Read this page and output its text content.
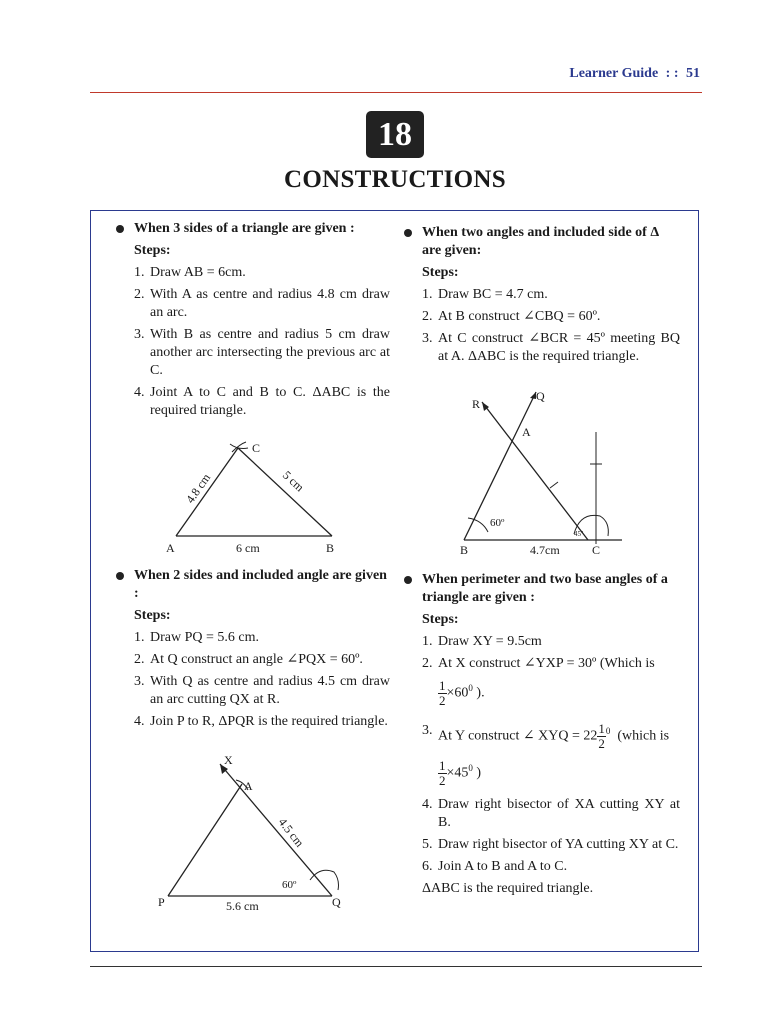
Learner Guide : : 51
18
CONSTRUCTIONS
When 3 sides of a triangle are given :
Steps:
1. Draw AB = 6cm.
2. With A as centre and radius 4.8 cm draw an arc.
3. With B as centre and radius 5 cm draw another arc intersecting the previous arc at C.
4. Joint A to C and B to C. ΔABC is the required triangle.
A	B
C
6 cm
4.8 cm	5 cm
When two angles and included side of Δ are given:
Steps:
1. Draw BC = 4.7 cm.
2. At B construct ∠CBQ = 60º.
3. At C construct ∠BCR = 45º meeting BQ at A. ΔABC is the required triangle.
R
Q
A
B	C
4.7cm
60º
45º
When 2 sides and included angle are given :
Steps:
1. Draw PQ = 5.6 cm.
2. At Q construct an angle ∠PQX = 60º.
3. With Q as centre and radius 4.5 cm draw an arc cutting QX at R.
4. Join P to R, ΔPQR is the required triangle.
X
A
P	Q
5.6 cm
4.5 cm
60º
When perimeter and two base angles of a triangle are given :
Steps:
1. Draw XY = 9.5cm
2. At X construct ∠YXP = 30º (Which is
$\frac{1}{2} \times 60^0$ ).
3. At Y construct ∠ XYQ = $22 \frac{1}{2} ^0$ (which is
$\frac{1}{2} \times 45^0$ )
4. Draw right bisector of XA cutting XY at B.
5. Draw right bisector of YA cutting XY at C.
6. Join A to B and A to C.
ΔABC is the required triangle.
